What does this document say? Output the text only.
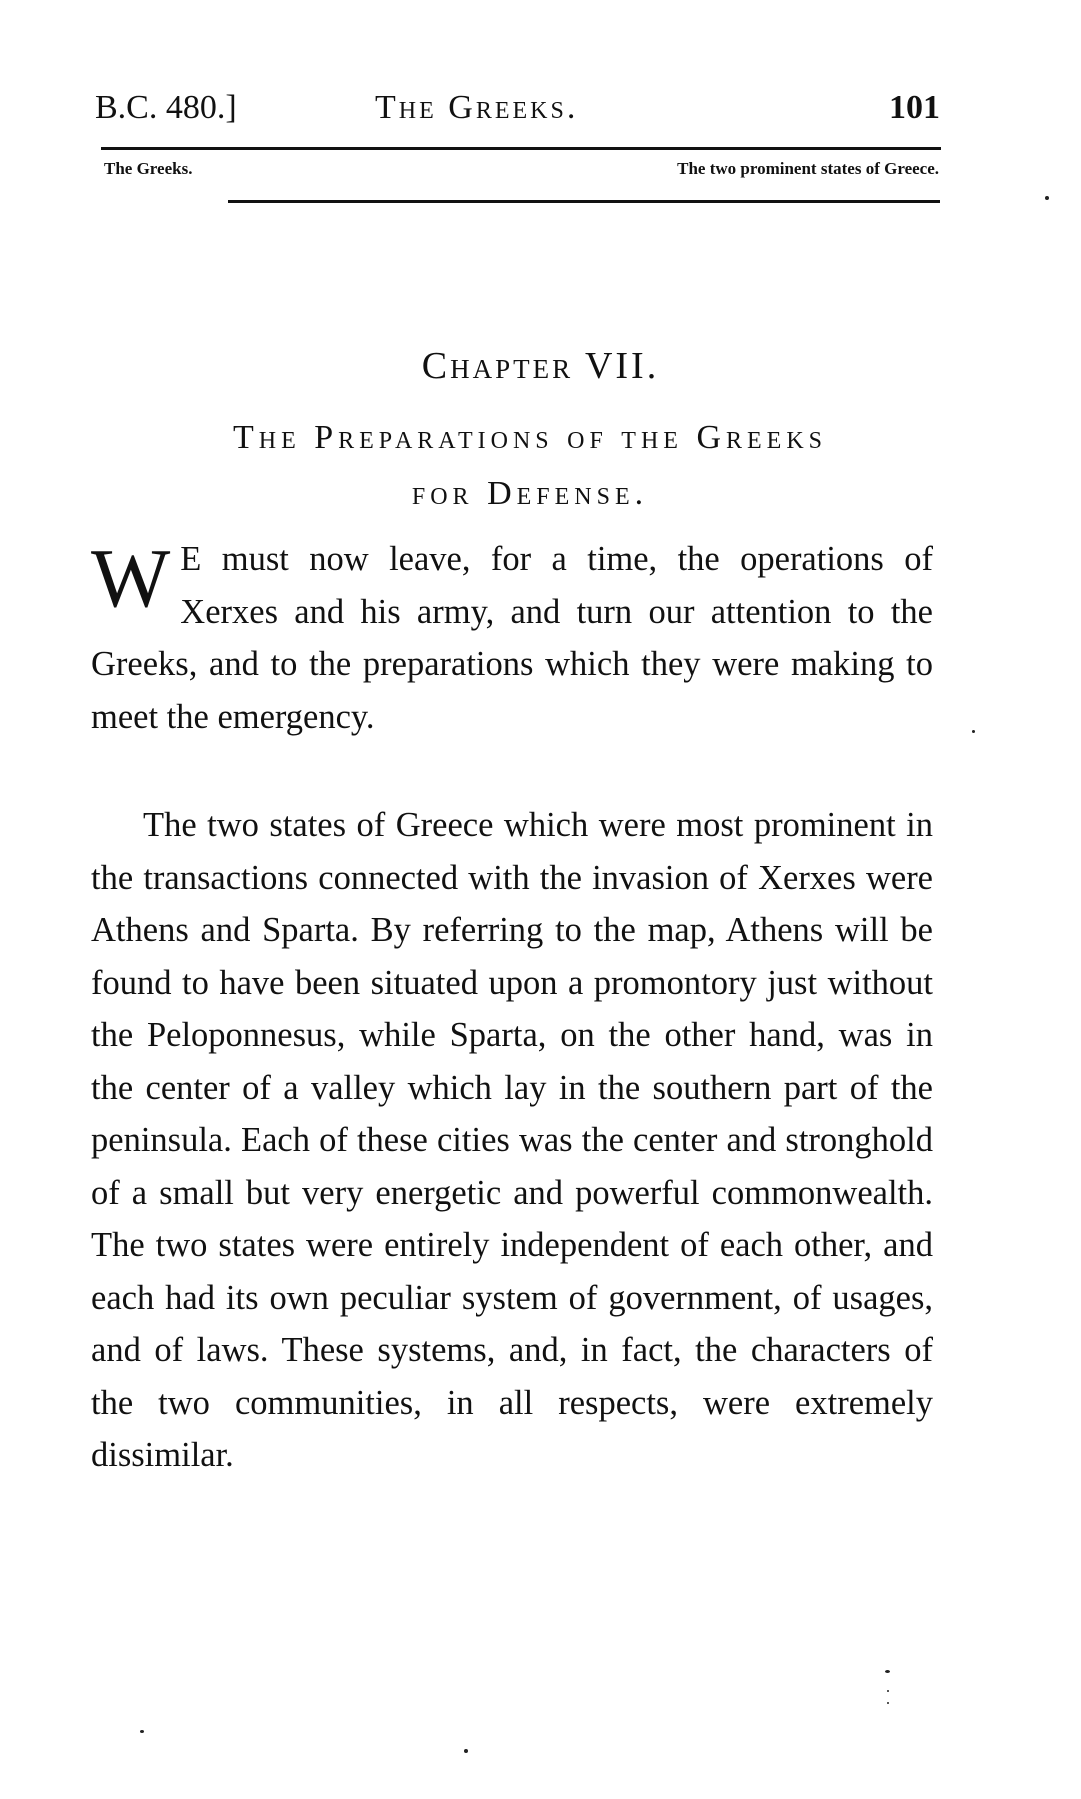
B.C. 480.]	The Greeks.	101
The Greeks.	The two prominent states of Greece.
Chapter VII.
The Preparations of the Greeks
for Defense.
W E must now leave, for a time, the operations of Xerxes and his army, and turn our attention to the Greeks, and to the preparations which they were making to meet the emergency.
The two states of Greece which were most prominent in the transactions connected with the invasion of Xerxes were Athens and Sparta. By referring to the map, Athens will be found to have been situated upon a promontory just without the Peloponnesus, while Sparta, on the other hand, was in the center of a valley which lay in the southern part of the peninsula. Each of these cities was the center and stronghold of a small but very energetic and powerful commonwealth. The two states were entirely independent of each other, and each had its own peculiar system of government, of usages, and of laws. These systems, and, in fact, the characters of the two communities, in all respects, were extremely dissimilar.
